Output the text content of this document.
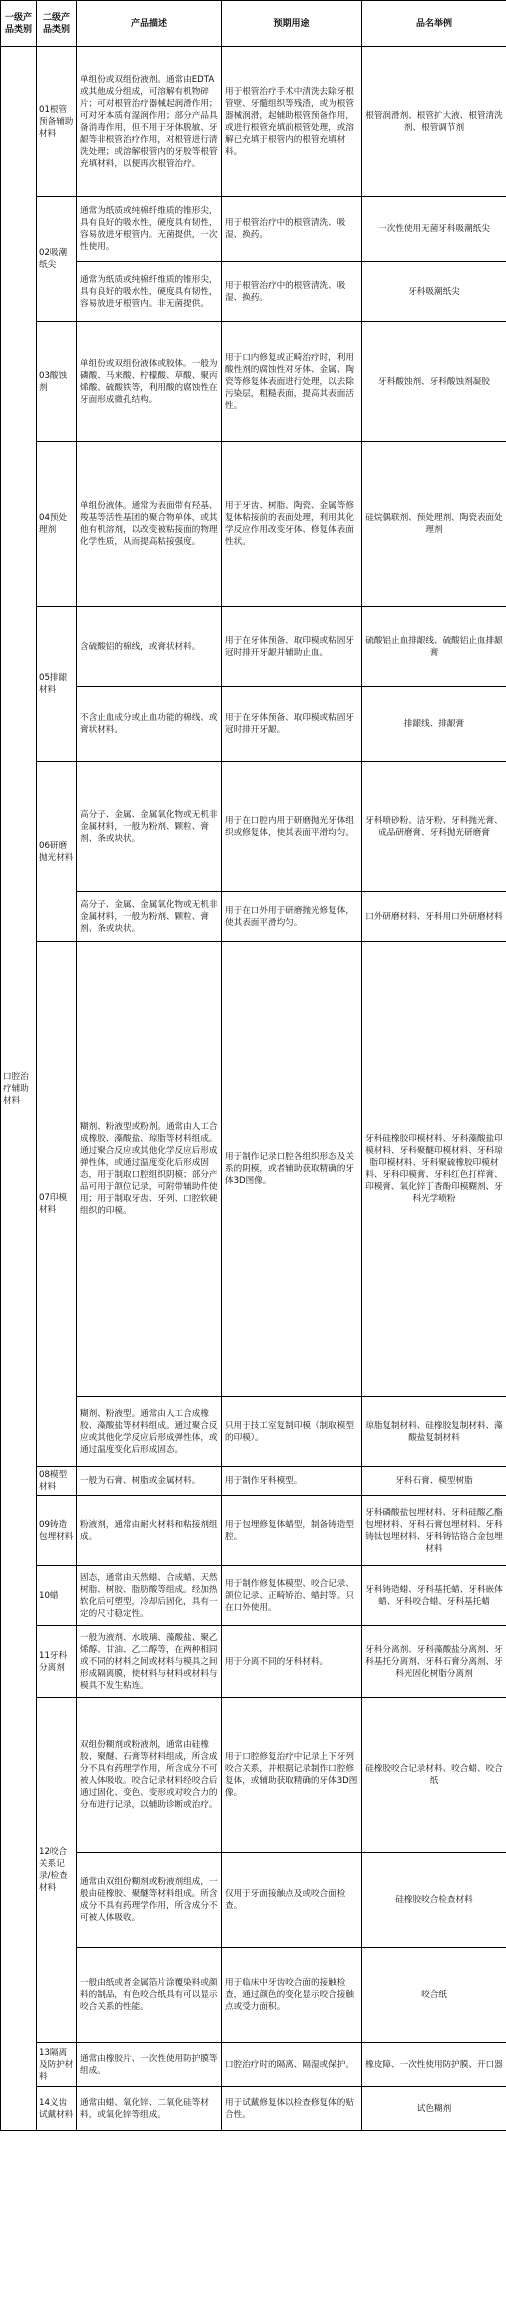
一级产品类别	二级产品类别	产品描述	预期用途	品名举例
口腔治疗辅助材料	01根管预备辅助材料	单组份或双组份液剂。通常由EDTA或其他成分组成，可溶解有机物碎片；可对根管治疗器械起润滑作用；可对牙本质有湿润作用；部分产品具备消毒作用，但不用于牙体脱敏、牙龈等非根管治疗作用，对根管进行清洗处理；或溶解根管内的牙胶等根管充填材料，以便再次根管治疗。	用于根管治疗手术中清洗去除牙根管壁、牙髓组织等残渣，或为根管器械润滑，起辅助根管预备作用，或进行根管充填前根管处理，或溶解已充填于根管内的根管充填材料。	根管润滑剂、根管扩大液、根管清洗剂、根管调节剂
	02吸潮纸尖	通常为纸质或纯棉纤维质的锥形尖，具有良好的吸水性，硬度具有韧性，容易放进牙根管内。无菌提供，一次性使用。	用于根管治疗中的根管清洗、吸湿、换药。	一次性使用无菌牙科吸潮纸尖
		通常为纸质或纯棉纤维质的锥形尖，具有良好的吸水性，硬度具有韧性，容易放进牙根管内。非无菌提供。	用于根管治疗中的根管清洗、吸湿、换药。	牙科吸潮纸尖
	03酸蚀剂	单组份或双组份液体或胶体。一般为磷酸、马来酸、柠檬酸、草酸、聚丙烯酸、硫酸铁等，利用酸的腐蚀性在牙面形成微孔结构。	用于口内修复或正畸治疗时，利用酸性剂的腐蚀性对牙体、金属、陶瓷等修复体表面进行处理，以去除污染层，粗糙表面，提高其表面活性。	牙科酸蚀剂、牙科酸蚀剂凝胶
	04预处理剂	单组份液体。通常为表面带有羟基、羧基等活性基团的聚合物单体，或其他有机溶剂，以改变被粘接面的物理化学性质，从而提高粘接强度。	用于牙齿、树脂、陶瓷、金属等修复体粘接前的表面处理，利用其化学反应作用改变牙体、修复体表面性状。	硅烷偶联剂、预处理剂、陶瓷表面处理剂
	05排龈材料	含硫酸铝的棉线，或膏状材料。	用于在牙体预备、取印模或粘固牙冠时排开牙龈并辅助止血。	硫酸铝止血排龈线、硫酸铝止血排龈膏
		不含止血成分或止血功能的棉线、或膏状材料。	用于在牙体预备、取印模或粘固牙冠时排开牙龈。	排龈线、排龈膏
	06研磨抛光材料	高分子、金属、金属氧化物或无机非金属材料，一般为粉剂、颗粒、膏剂、条或块状。	用于在口腔内用于研磨抛光牙体组织或修复体，使其表面平滑均匀。	牙科喷砂粉、洁牙粉、牙科抛光膏、成品研磨膏、牙科抛光研磨膏
		高分子、金属、金属氧化物或无机非金属材料，一般为粉剂、颗粒、膏剂、条或块状。	用于在口外用于研磨抛光修复体，使其表面平滑均匀。	口外研磨材料、牙科用口外研磨材料
	07印模材料	糊剂、粉液型或粉剂。通常由人工合成橡胶、藻酸盐、琼脂等材料组成。通过聚合反应或其他化学反应后形成弹性体，或通过温度变化后形成固态，用于制取口腔组织阴模；部分产品可用于颌位记录，可附带辅助件使用；用于制取牙齿、牙列、口腔软硬组织的印模。	用于制作记录口腔各组织形态及关系的阴模，或者辅助获取精确的牙体3D图像。	牙科硅橡胶印模材料、牙科藻酸盐印模材料、牙科聚醚印模材料、牙科琼脂印模材料、牙科聚硫橡胶印模材料、牙科印模膏、牙科红色打样膏、印模膏、氧化锌丁香酚印模糊剂、牙科光学喷粉
		糊剂、粉液型。通常由人工合成橡胶、藻酸盐等材料组成。通过聚合反应或其他化学反应后形成弹性体，或通过温度变化后形成固态。	只用于技工室复制印模（制取模型的印模）。	琼脂复制材料、硅橡胶复制材料、藻酸盐复制材料
	08模型材料	一般为石膏、树脂或金属材料。	用于制作牙科模型。	牙科石膏、模型树脂
	09铸造包埋材料	粉液剂，通常由耐火材料和粘接剂组成。	用于包埋修复体蜡型，制备铸造型腔。	牙科磷酸盐包埋材料、牙科硅酸乙酯包埋材料、牙科石膏包埋材料、牙科铸钛包埋材料、牙科铸钴铬合金包埋材料
	10蜡	固态，通常由天然蜡、合成蜡、天然树脂、树胶、脂肪酸等组成。经加热软化后可塑型，冷却后固化，具有一定的尺寸稳定性。	用于制作修复体模型、咬合记录、颌位记录、正畸矫治、蜡封等。只在口外使用。	牙科铸造蜡、牙科基托蜡、牙科嵌体蜡、牙科咬合蜡、牙科基托蜡
	11牙科分离剂	一般为液剂、水玻璃、藻酸盐、聚乙烯醇、甘油、乙二醇等，在两种相同或不同的材料之间或材料与模具之间形成隔离膜，使材料与材料或材料与模具不发生粘连。	用于分离不同的牙科材料。	牙科分离剂、牙科藻酸盐分离剂、牙科基托分离剂、牙科石膏分离剂、牙科光固化树脂分离剂
	12咬合关系记录/检查材料	双组份糊剂或粉液剂，通常由硅橡胶、聚醚、石膏等材料组成，所含成分不具有药理学作用，所含成分不可被人体吸收。咬合记录材料经咬合后通过固化、变色、变形或对咬合力的分布进行记录，以辅助诊断或治疗。	用于口腔修复治疗中记录上下牙列咬合关系，并根据记录制作口腔修复体，或辅助获取精确的牙体3D图像。	硅橡胶咬合记录材料、咬合蜡、咬合纸
		通常由双组份糊剂或粉液剂组成，一般由硅橡胶、聚醚等材料组成。所含成分不具有药理学作用，所含成分不可被人体吸收。	仅用于牙面接触点及或咬合面检查。	硅橡胶咬合检查材料
		一般由纸或者金属箔片涂覆染料或颜料的制品，有色咬合纸具有可以显示咬合关系的性能。	用于临床中牙齿咬合面的接触检查，通过颜色的变化显示咬合接触点或受力面积。	咬合纸
	13隔离及防护材料	通常由橡胶片、一次性使用防护膜等组成。	口腔治疗时的隔离、隔湿或保护。	橡皮障、一次性使用防护膜、开口器
	14义齿试戴材料	通常由蜡、氧化锌、二氧化硅等材料，或氧化锌等组成。	用于试戴修复体以检查修复体的贴合性。	试色糊剂
